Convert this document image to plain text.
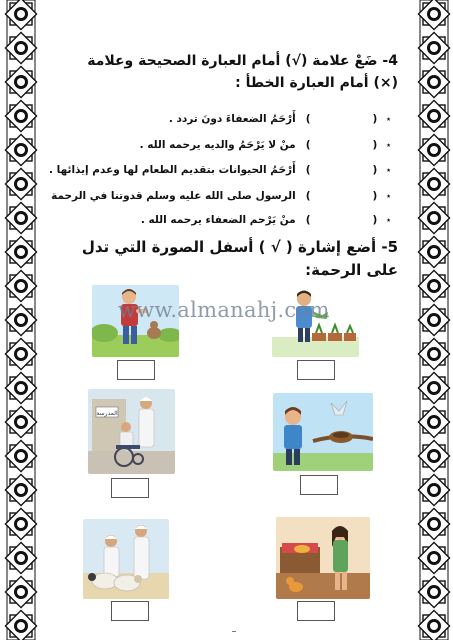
4- ضَعْ علامة (√) أمام العبارة الصحيحة وعلامة (×) أمام العبارة الخطأ :
٭ () أَرْحَمُ الضعفاءَ دونَ تردد .
٭ () منْ لا يَرْحَمُ والديه يرحمه الله .
٭ () أَرْحَمُ الحيوانات بتقديم الطعام لها وعدم إيذائها .
٭ () الرسول صلى الله عليه وسلم قدوتنا في الرحمة
٭ () منْ يَرْحم الضعفاء يرحمه الله .
5- أضع إشارة ( √ ) أسفل الصورة التي تدل على الرحمة:
المدرسة
www.almanahj.com
